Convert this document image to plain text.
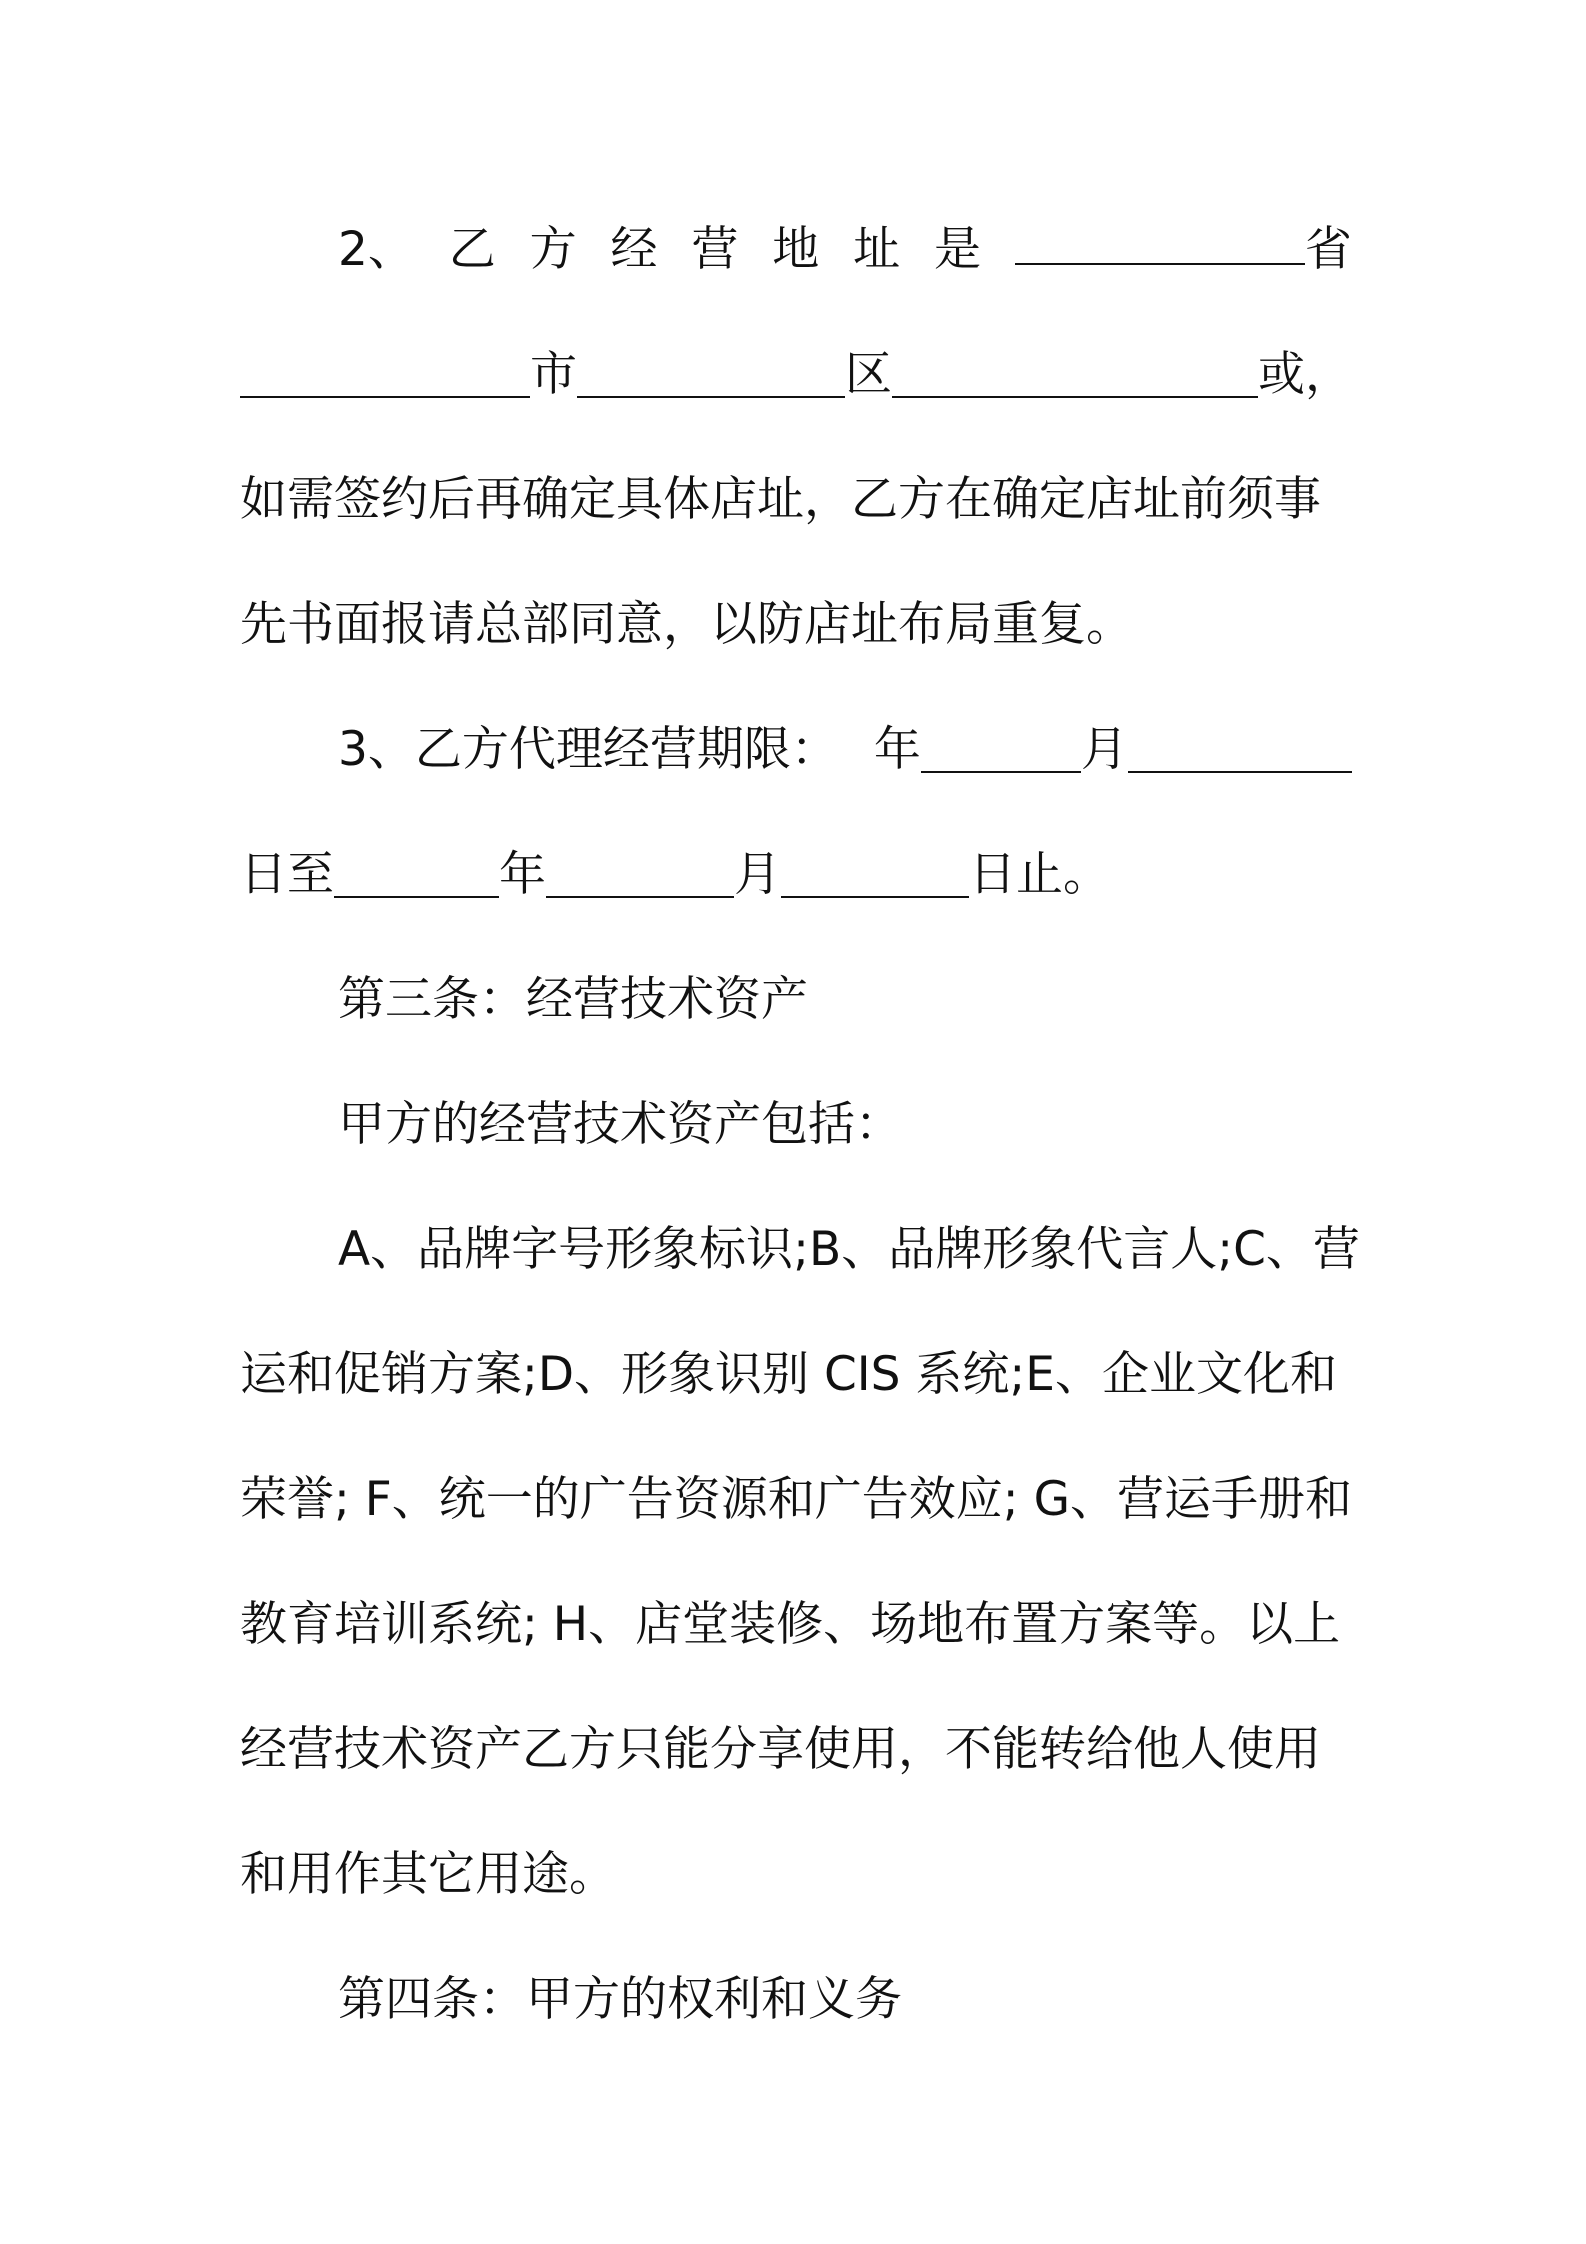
2、 乙 方 经 营 地 址 是	省
市	区	或，
如需签约后再确定具体店址，乙方在确定店址前须事
先书面报请总部同意，以防店址布局重复。
3、乙方代理经营期限： 年	月
日至	年	月	日止。
第三条：经营技术资产
甲方的经营技术资产包括：
A、品牌字号形象标识;B、品牌形象代言人;C、营
运和促销方案;D、形象识别 CIS 系统;E、企业文化和
荣誉; F、统一的广告资源和广告效应; G、营运手册和
教育培训系统; H、店堂装修、场地布置方案等。以上
经营技术资产乙方只能分享使用，不能转给他人使用
和用作其它用途。
第四条：甲方的权利和义务
